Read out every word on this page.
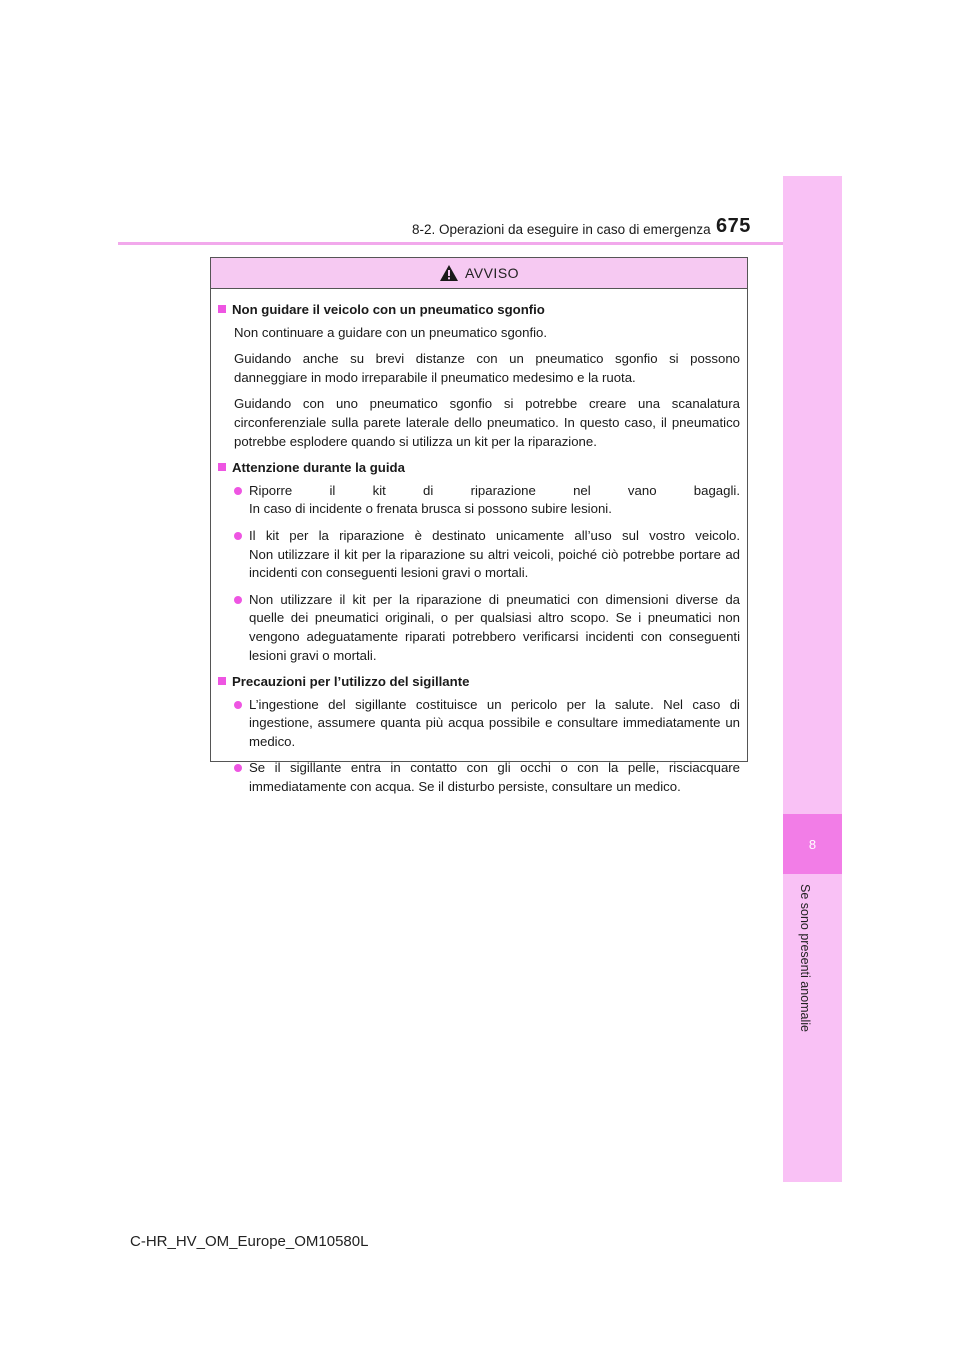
8-2. Operazioni da eseguire in caso di emergenza 675
8
Se sono presenti anomalie
AVVISO
Non guidare il veicolo con un pneumatico sgonfio
Non continuare a guidare con un pneumatico sgonfio.
Guidando anche su brevi distanze con un pneumatico sgonfio si possono
danneggiare in modo irreparabile il pneumatico medesimo e la ruota.
Guidando con uno pneumatico sgonfio si potrebbe creare una scanalatura
circonferenziale sulla parete laterale dello pneumatico. In questo caso, il pneumatico
potrebbe esplodere quando si utilizza un kit per la riparazione.
Attenzione durante la guida
Riporre il kit di riparazione nel vano bagagli.
In caso di incidente o frenata brusca si possono subire lesioni.
Il kit per la riparazione è destinato unicamente all’uso sul vostro veicolo.
Non utilizzare il kit per la riparazione su altri veicoli, poiché ciò potrebbe portare ad
incidenti con conseguenti lesioni gravi o mortali.
Non utilizzare il kit per la riparazione di pneumatici con dimensioni diverse da
quelle dei pneumatici originali, o per qualsiasi altro scopo. Se i pneumatici non
vengono adeguatamente riparati potrebbero verificarsi incidenti con conseguenti
lesioni gravi o mortali.
Precauzioni per l’utilizzo del sigillante
L’ingestione del sigillante costituisce un pericolo per la salute. Nel caso di
ingestione, assumere quanta più acqua possibile e consultare immediatamente un
medico.
Se il sigillante entra in contatto con gli occhi o con la pelle, risciacquare
immediatamente con acqua. Se il disturbo persiste, consultare un medico.
C-HR_HV_OM_Europe_OM10580L
